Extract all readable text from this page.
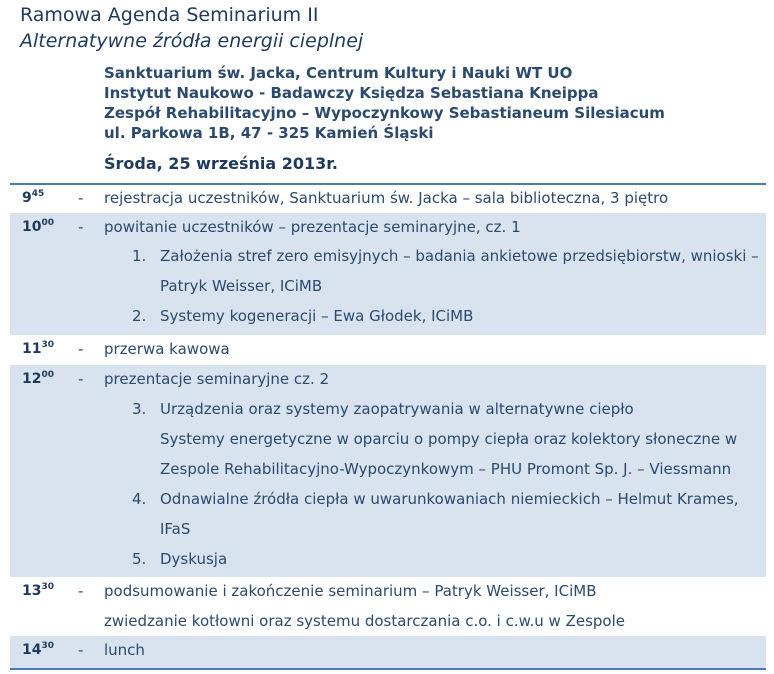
Ramowa Agenda Seminarium II
Alternatywne źródła energii cieplnej
Sanktuarium św. Jacka, Centrum Kultury i Nauki WT UO
Instytut Naukowo - Badawczy Księdza Sebastiana Kneippa
Zespół Rehabilitacyjno – Wypoczynkowy Sebastianeum Silesiacum
ul. Parkowa 1B, 47 - 325 Kamień Śląski
Środa, 25 września 2013r.
$9^{45}$ - rejestracja uczestników, Sanktuarium św. Jacka – sala biblioteczna, 3 piętro
$10^{00}$ - powitanie uczestników – prezentacje seminaryjne, cz. 1
1. Założenia stref zero emisyjnych – badania ankietowe przedsiębiorstw, wnioski –
Patryk Weisser, ICiMB
2. Systemy kogeneracji – Ewa Głodek, ICiMB
$11^{30}$ - przerwa kawowa
$12^{00}$ - prezentacje seminaryjne cz. 2
3. Urządzenia oraz systemy zaopatrywania w alternatywne ciepło
Systemy energetyczne w oparciu o pompy ciepła oraz kolektory słoneczne w
Zespole Rehabilitacyjno-Wypoczynkowym – PHU Promont Sp. J. – Viessmann
4. Odnawialne źródła ciepła w uwarunkowaniach niemieckich – Helmut Krames,
IFaS
5. Dyskusja
$13^{30}$ - podsumowanie i zakończenie seminarium – Patryk Weisser, ICiMB
zwiedzanie kotłowni oraz systemu dostarczania c.o. i c.w.u w Zespole
$14^{30}$ - lunch
